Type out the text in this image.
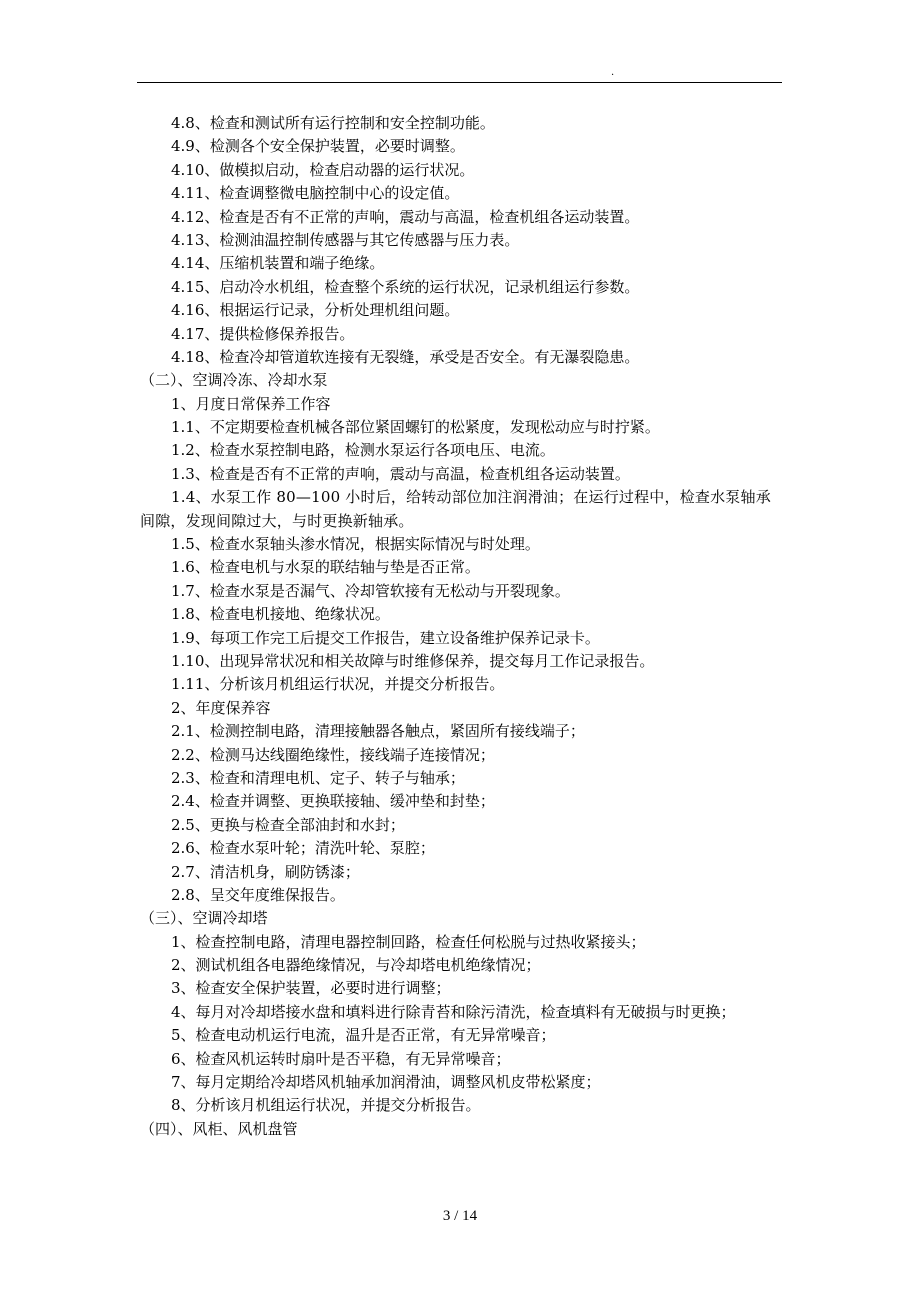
.
4.8、检查和测试所有运行控制和安全控制功能。
4.9、检测各个安全保护装置，必要时调整。
4.10、做模拟启动，检查启动器的运行状况。
4.11、检查调整微电脑控制中心的设定值。
4.12、检查是否有不正常的声响，震动与高温，检查机组各运动装置。
4.13、检测油温控制传感器与其它传感器与压力表。
4.14、压缩机装置和端子绝缘。
4.15、启动冷水机组，检查整个系统的运行状况，记录机组运行参数。
4.16、根据运行记录，分析处理机组问题。
4.17、提供检修保养报告。
4.18、检查冷却管道软连接有无裂缝，承受是否安全。有无瀑裂隐患。
（二）、空调冷冻、冷却水泵
1、月度日常保养工作容
1.1、不定期要检查机械各部位紧固螺钉的松紧度，发现松动应与时拧紧。
1.2、检查水泵控制电路，检测水泵运行各项电压、电流。
1.3、检查是否有不正常的声响，震动与高温，检查机组各运动装置。
1.4、水泵工作 80—100 小时后，给转动部位加注润滑油；在运行过程中，检查水泵轴承间隙，发现间隙过大，与时更换新轴承。
1.5、检查水泵轴头渗水情况，根据实际情况与时处理。
1.6、检查电机与水泵的联结轴与垫是否正常。
1.7、检查水泵是否漏气、冷却管软接有无松动与开裂现象。
1.8、检查电机接地、绝缘状况。
1.9、每项工作完工后提交工作报告，建立设备维护保养记录卡。
1.10、出现异常状况和相关故障与时维修保养，提交每月工作记录报告。
1.11、分析该月机组运行状况，并提交分析报告。
2、年度保养容
2.1、检测控制电路，清理接触器各触点，紧固所有接线端子；
2.2、检测马达线圈绝缘性，接线端子连接情况；
2.3、检查和清理电机、定子、转子与轴承；
2.4、检查并调整、更换联接轴、缓冲垫和封垫；
2.5、更换与检查全部油封和水封；
2.6、检查水泵叶轮；清洗叶轮、泵腔；
2.7、清洁机身，刷防锈漆；
2.8、呈交年度维保报告。
（三）、空调冷却塔
1、检查控制电路，清理电器控制回路，检查任何松脱与过热收紧接头；
2、测试机组各电器绝缘情况，与冷却塔电机绝缘情况；
3、检查安全保护装置，必要时进行调整；
4、每月对冷却塔接水盘和填料进行除青苔和除污清洗，检查填料有无破损与时更换；
5、检查电动机运行电流，温升是否正常，有无异常噪音；
6、检查风机运转时扇叶是否平稳，有无异常噪音；
7、每月定期给冷却塔风机轴承加润滑油，调整风机皮带松紧度；
8、分析该月机组运行状况，并提交分析报告。
（四）、风柜、风机盘管
3 / 14
